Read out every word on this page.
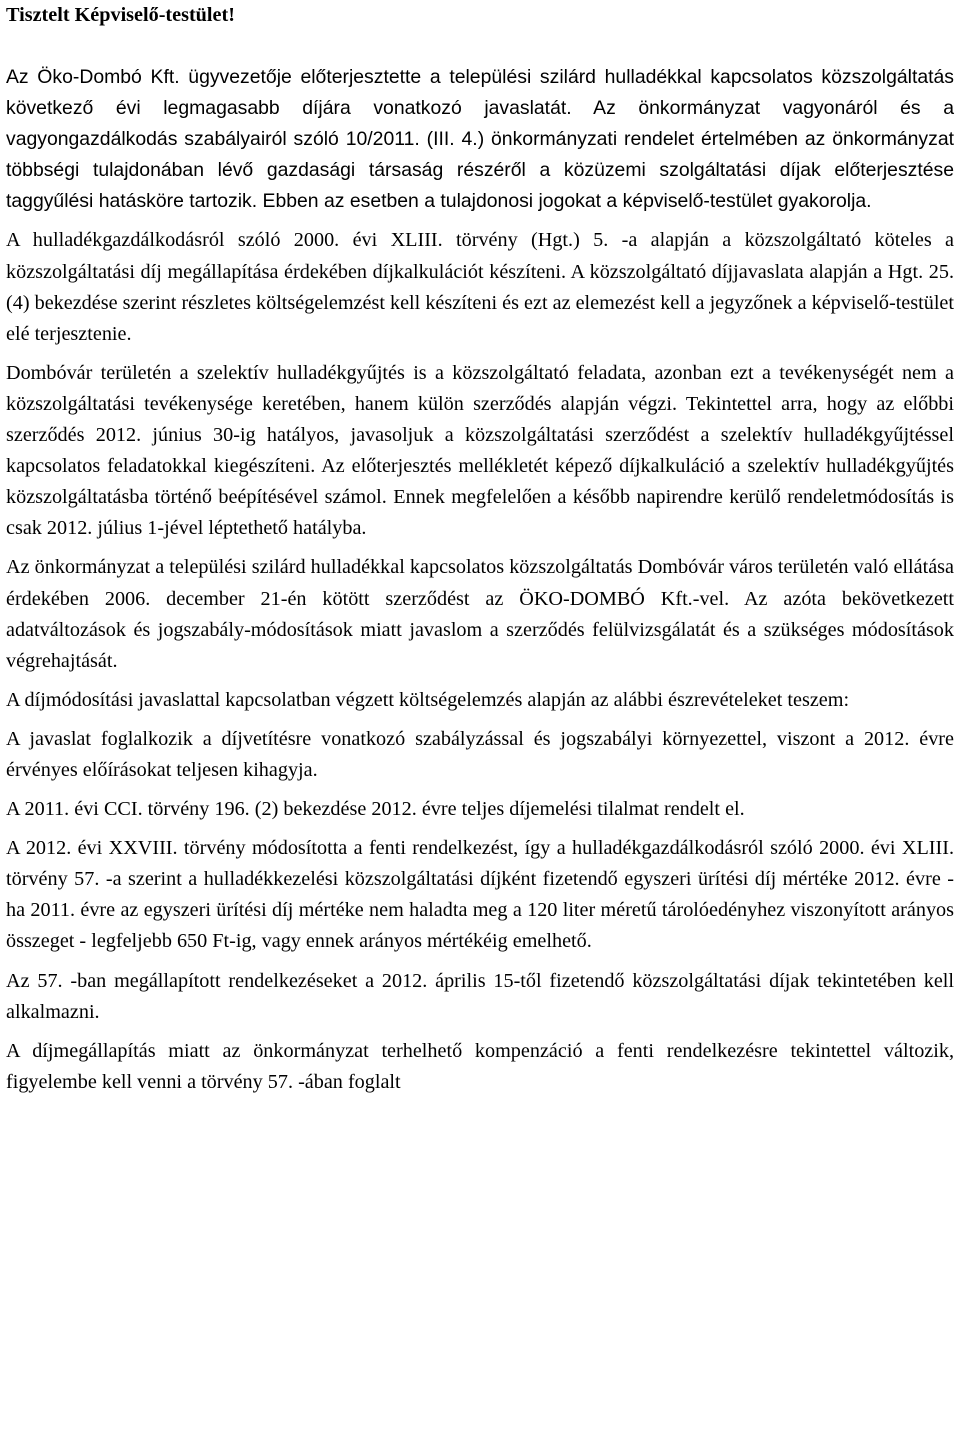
Tisztelt Képviselő-testület!

Az Öko-Dombó Kft. ügyvezetője előterjesztette a települési szilárd hulladékkal kapcsolatos közszolgáltatás következő évi legmagasabb díjára vonatkozó javaslatát. Az önkormányzat vagyonáról és a vagyongazdálkodás szabályairól szóló 10/2011. (III. 4.) önkormányzati rendelet értelmében az önkormányzat többségi tulajdonában lévő gazdasági társaság részéről a közüzemi szolgáltatási díjak előterjesztése taggyűlési hatásköre tartozik. Ebben az esetben a tulajdonosi jogokat a képviselő-testület gyakorolja.

A hulladékgazdálkodásról szóló 2000. évi XLIII. törvény (Hgt.) 5. -a alapján a közszolgáltató köteles a közszolgáltatási díj megállapítása érdekében díjkalkulációt készíteni. A közszolgáltató díjjavaslata alapján a Hgt. 25. (4) bekezdése szerint részletes költségelemzést kell készíteni és ezt az elemezést kell a jegyzőnek a képviselő-testület elé terjesztenie.

Dombóvár területén a szelektív hulladékgyűjtés is a közszolgáltató feladata, azonban ezt a tevékenységét nem a közszolgáltatási tevékenysége keretében, hanem külön szerződés alapján végzi. Tekintettel arra, hogy az előbbi szerződés 2012. június 30-ig hatályos, javasoljuk a közszolgáltatási szerződést a szelektív hulladékgyűjtéssel kapcsolatos feladatokkal kiegészíteni. Az előterjesztés mellékletét képező díjkalkuláció a szelektív hulladékgyűjtés közszolgáltatásba történő beépítésével számol. Ennek megfelelően a később napirendre kerülő rendeletmódosítás is csak 2012. július 1-jével léptethető hatályba.

Az önkormányzat a települési szilárd hulladékkal kapcsolatos közszolgáltatás Dombóvár város területén való ellátása érdekében 2006. december 21-én kötött szerződést az ÖKO-DOMBÓ Kft.-vel. Az azóta bekövetkezett adatváltozások és jogszabály-módosítások miatt javaslom a szerződés felülvizsgálatát és a szükséges módosítások végrehajtását.

A díjmódosítási javaslattal kapcsolatban végzett költségelemzés alapján az alábbi észrevételeket teszem:

A javaslat foglalkozik a díjvetítésre vonatkozó szabályzással és jogszabályi környezettel, viszont a 2012. évre érvényes előírásokat teljesen kihagyja.

A 2011. évi CCI. törvény 196. (2) bekezdése 2012. évre teljes díjemelési tilalmat rendelt el.

A 2012. évi XXVIII. törvény módosította a fenti rendelkezést, így a hulladékgazdálkodásról szóló 2000. évi XLIII. törvény 57. -a szerint a hulladékkezelési közszolgáltatási díjként fizetendő egyszeri ürítési díj mértéke 2012. évre - ha 2011. évre az egyszeri ürítési díj mértéke nem haladta meg a 120 liter méretű tárolóedényhez viszonyított arányos összeget - legfeljebb 650 Ft-ig, vagy ennek arányos mértékéig emelhető.

Az 57. -ban megállapított rendelkezéseket a 2012. április 15-től fizetendő közszolgáltatási díjak tekintetében kell alkalmazni.

A díjmegállapítás miatt az önkormányzat terhelhető kompenzáció a fenti rendelkezésre tekintettel változik, figyelembe kell venni a törvény 57. -ában foglalt
